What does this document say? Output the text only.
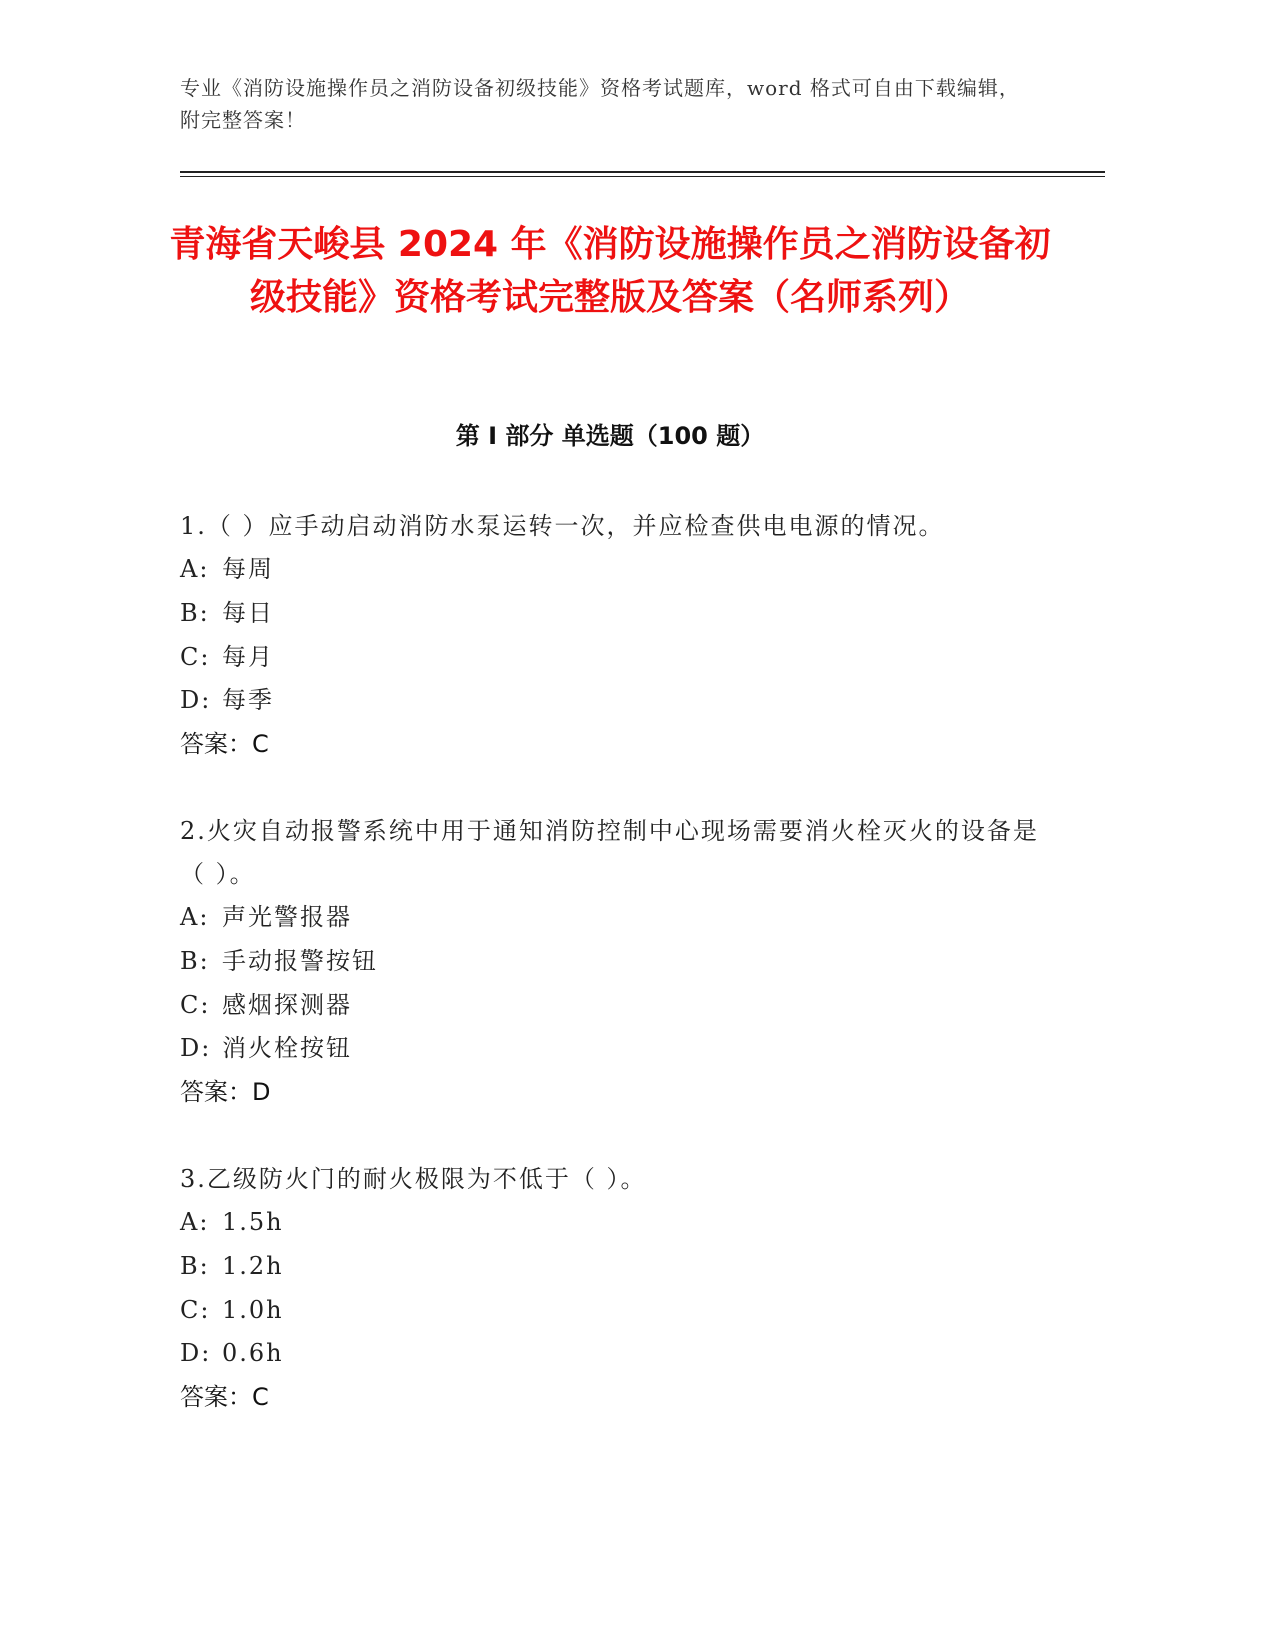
专业《消防设施操作员之消防设备初级技能》资格考试题库，word 格式可自由下载编辑，附完整答案！
青海省天峻县 2024 年《消防设施操作员之消防设备初级技能》资格考试完整版及答案（名师系列）
第 I 部分 单选题（100 题）
1.（ ）应手动启动消防水泵运转一次，并应检查供电电源的情况。
A: 每周
B: 每日
C: 每月
D: 每季
答案：C
2.火灾自动报警系统中用于通知消防控制中心现场需要消火栓灭火的设备是（ ）。
A: 声光警报器
B: 手动报警按钮
C: 感烟探测器
D: 消火栓按钮
答案：D
3.乙级防火门的耐火极限为不低于（ ）。
A: 1.5h
B: 1.2h
C: 1.0h
D: 0.6h
答案：C
